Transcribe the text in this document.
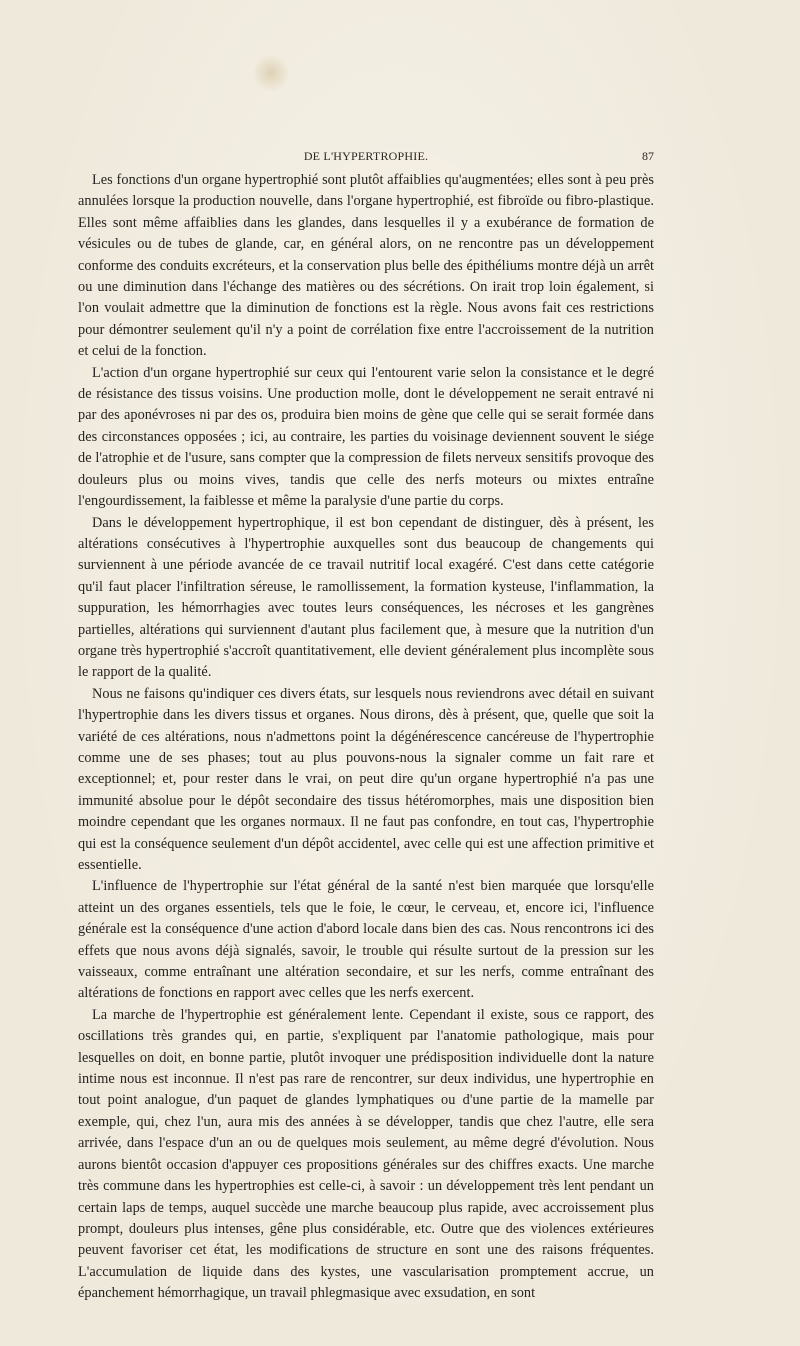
DE L'HYPERTROPHIE.	87

Les fonctions d'un organe hypertrophié sont plutôt affaiblies qu'augmentées; elles sont à peu près annulées lorsque la production nouvelle, dans l'organe hypertrophié, est fibroïde ou fibro-plastique. Elles sont même affaiblies dans les glandes, dans lesquelles il y a exubérance de formation de vésicules ou de tubes de glande, car, en général alors, on ne rencontre pas un développement conforme des conduits excréteurs, et la conservation plus belle des épithéliums montre déjà un arrêt ou une diminution dans l'échange des matières ou des sécrétions. On irait trop loin également, si l'on voulait admettre que la diminution de fonctions est la règle. Nous avons fait ces restrictions pour démontrer seulement qu'il n'y a point de corrélation fixe entre l'accroissement de la nutrition et celui de la fonction.

L'action d'un organe hypertrophié sur ceux qui l'entourent varie selon la consistance et le degré de résistance des tissus voisins. Une production molle, dont le développement ne serait entravé ni par des aponévroses ni par des os, produira bien moins de gène que celle qui se serait formée dans des circonstances opposées ; ici, au contraire, les parties du voisinage deviennent souvent le siége de l'atrophie et de l'usure, sans compter que la compression de filets nerveux sensitifs provoque des douleurs plus ou moins vives, tandis que celle des nerfs moteurs ou mixtes entraîne l'engourdissement, la faiblesse et même la paralysie d'une partie du corps.

Dans le développement hypertrophique, il est bon cependant de distinguer, dès à présent, les altérations consécutives à l'hypertrophie auxquelles sont dus beaucoup de changements qui surviennent à une période avancée de ce travail nutritif local exagéré. C'est dans cette catégorie qu'il faut placer l'infiltration séreuse, le ramollissement, la formation kysteuse, l'inflammation, la suppuration, les hémorrhagies avec toutes leurs conséquences, les nécroses et les gangrènes partielles, altérations qui surviennent d'autant plus facilement que, à mesure que la nutrition d'un organe très hypertrophié s'accroît quantitativement, elle devient généralement plus incomplète sous le rapport de la qualité.

Nous ne faisons qu'indiquer ces divers états, sur lesquels nous reviendrons avec détail en suivant l'hypertrophie dans les divers tissus et organes. Nous dirons, dès à présent, que, quelle que soit la variété de ces altérations, nous n'admettons point la dégénérescence cancéreuse de l'hypertrophie comme une de ses phases; tout au plus pouvons-nous la signaler comme un fait rare et exceptionnel; et, pour rester dans le vrai, on peut dire qu'un organe hypertrophié n'a pas une immunité absolue pour le dépôt secondaire des tissus hétéromorphes, mais une disposition bien moindre cependant que les organes normaux. Il ne faut pas confondre, en tout cas, l'hypertrophie qui est la conséquence seulement d'un dépôt accidentel, avec celle qui est une affection primitive et essentielle.

L'influence de l'hypertrophie sur l'état général de la santé n'est bien marquée que lorsqu'elle atteint un des organes essentiels, tels que le foie, le cœur, le cerveau, et, encore ici, l'influence générale est la conséquence d'une action d'abord locale dans bien des cas. Nous rencontrons ici des effets que nous avons déjà signalés, savoir, le trouble qui résulte surtout de la pression sur les vaisseaux, comme entraînant une altération secondaire, et sur les nerfs, comme entraînant des altérations de fonctions en rapport avec celles que les nerfs exercent.

La marche de l'hypertrophie est généralement lente. Cependant il existe, sous ce rapport, des oscillations très grandes qui, en partie, s'expliquent par l'anatomie pathologique, mais pour lesquelles on doit, en bonne partie, plutôt invoquer une prédisposition individuelle dont la nature intime nous est inconnue. Il n'est pas rare de rencontrer, sur deux individus, une hypertrophie en tout point analogue, d'un paquet de glandes lymphatiques ou d'une partie de la mamelle par exemple, qui, chez l'un, aura mis des années à se développer, tandis que chez l'autre, elle sera arrivée, dans l'espace d'un an ou de quelques mois seulement, au même degré d'évolution. Nous aurons bientôt occasion d'appuyer ces propositions générales sur des chiffres exacts. Une marche très commune dans les hypertrophies est celle-ci, à savoir : un développement très lent pendant un certain laps de temps, auquel succède une marche beaucoup plus rapide, avec accroissement plus prompt, douleurs plus intenses, gêne plus considérable, etc. Outre que des violences extérieures peuvent favoriser cet état, les modifications de structure en sont une des raisons fréquentes. L'accumulation de liquide dans des kystes, une vascularisation promptement accrue, un épanchement hémorrhagique, un travail phlegmasique avec exsudation, en sont
